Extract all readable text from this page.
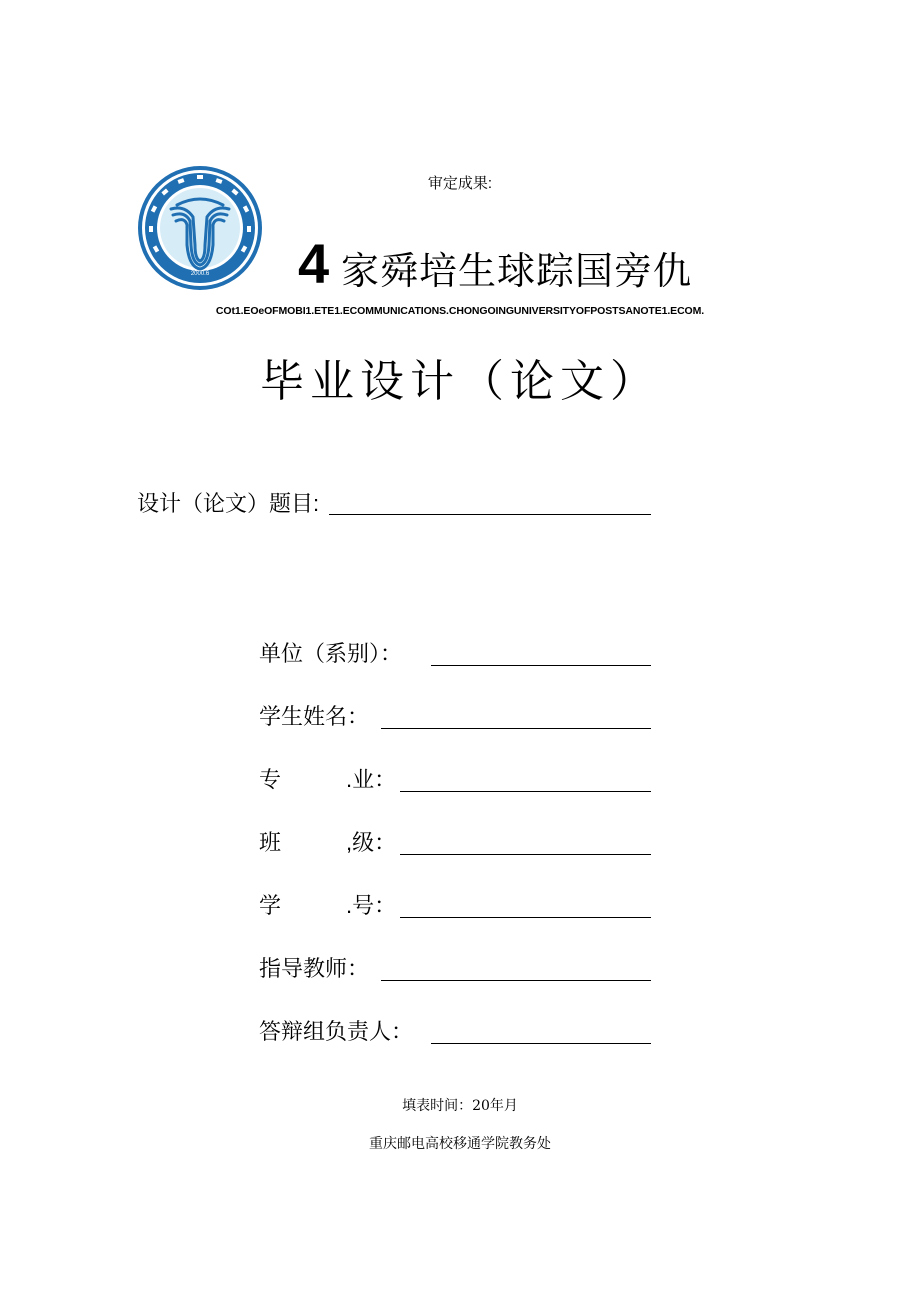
审定成果:
2000.6 4 家舜培生球踪国旁仇
COt1.EOeOFMOBI1.ETE1.ECOMMUNICATIONS.CHONGOINGUNIVERSITYOFPOSTSANOTE1.ECOM.
毕业设计（论文）
设计（论文）题目:
单位（系别）：
学生姓名：
专	.业：
班	,级：
学	.号：
指导教师：
答辩组负责人：
填表时间：20年月
重庆邮电高校移通学院教务处
